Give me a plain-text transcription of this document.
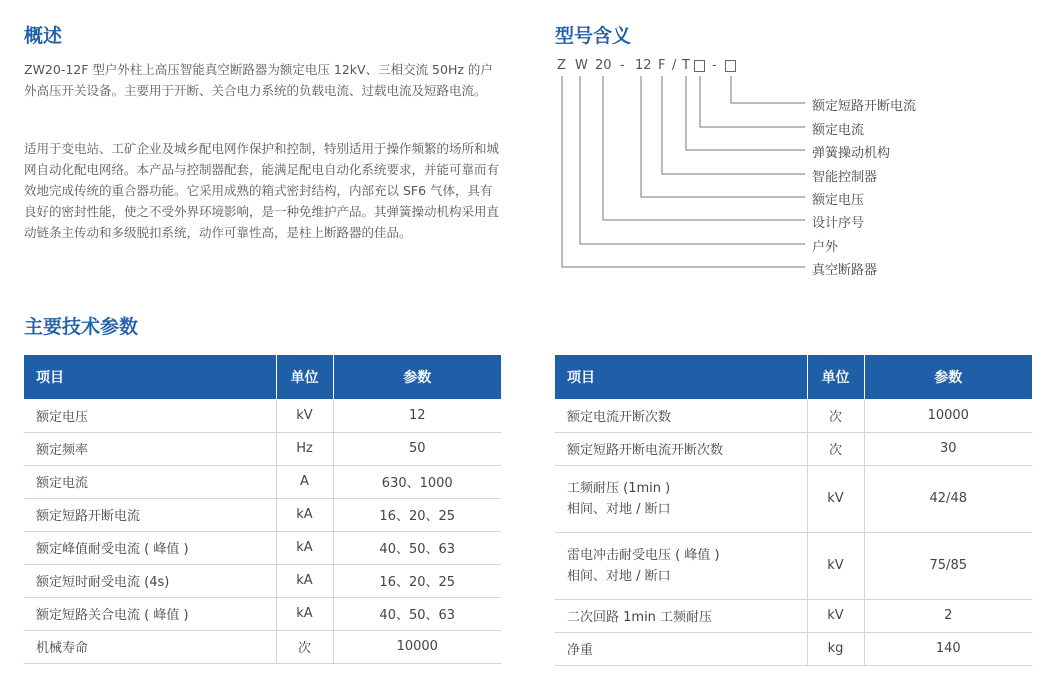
概述

ZW20-12F 型户外柱上高压智能真空断路器为额定电压 12kV、三相交流 50Hz 的户外高压开关设备。主要用于开断、关合电力系统的负载电流、过载电流及短路电流。

适用于变电站、工矿企业及城乡配电网作保护和控制，特别适用于操作频繁的场所和城网自动化配电网络。本产品与控制器配套，能满足配电自动化系统要求，并能可靠而有效地完成传统的重合器功能。它采用成熟的箱式密封结构，内部充以 SF6 气体，具有良好的密封性能，使之不受外界环境影响，是一种免维护产品。其弹簧操动机构采用直动链条主传动和多级脱扣系统，动作可靠性高，是柱上断路器的佳品。

型号含义
Z W 20 - 12 F / T -
额定短路开断电流
额定电流
弹簧操动机构
智能控制器
额定电压
设计序号
户外
真空断路器
主要技术参数
项目	单位	参数
额定电压	kV	12
额定频率	Hz	50
额定电流	A	630、1000
额定短路开断电流	kA	16、20、25
额定峰值耐受电流 ( 峰值 )	kA	40、50、63
额定短时耐受电流 (4s)	kA	16、20、25
额定短路关合电流 ( 峰值 )	kA	40、50、63
机械寿命	次	10000
项目	单位	参数
额定电流开断次数	次	10000
额定短路开断电流开断次数	次	30

工频耐压 (1min )
相间、对地 / 断口	kV	42/48

雷电冲击耐受电压 ( 峰值 )
相间、对地 / 断口	kV	75/85
二次回路 1min 工频耐压	kV	2
净重	kg	140
